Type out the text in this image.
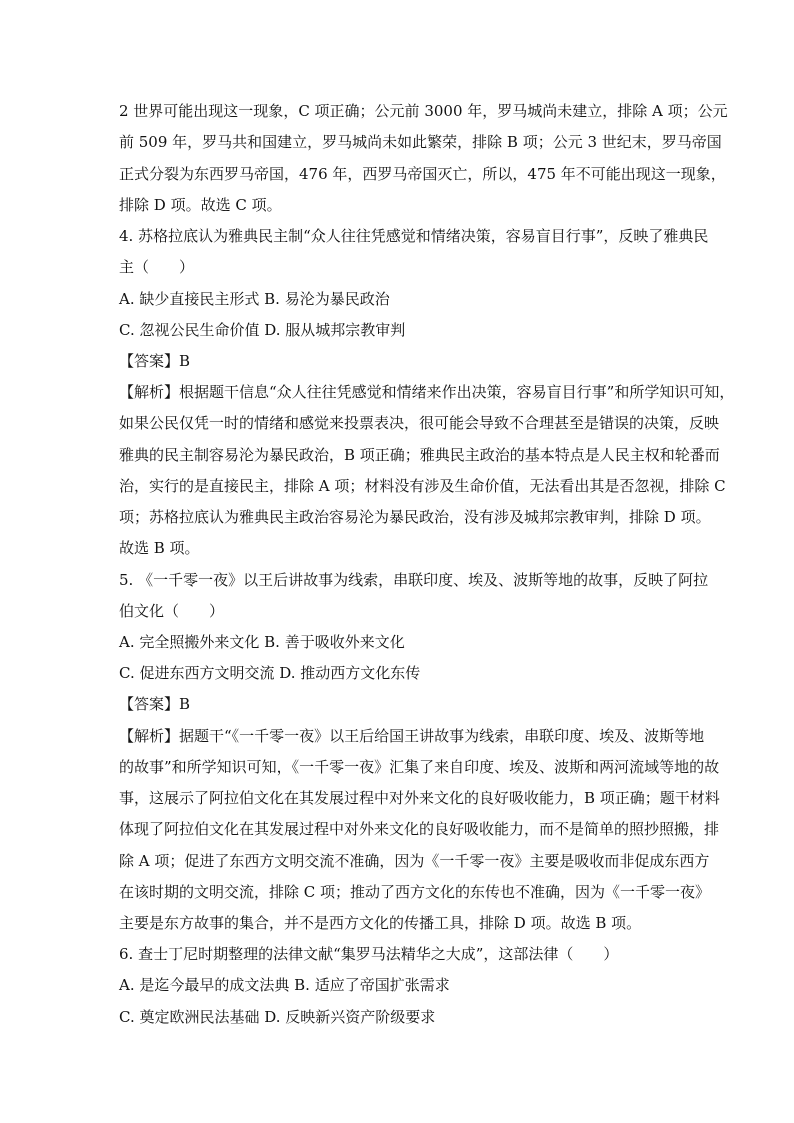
2 世界可能出现这一现象，C 项正确；公元前 3000 年，罗马城尚未建立，排除 A 项；公元
前 509 年，罗马共和国建立，罗马城尚未如此繁荣，排除 B 项；公元 3 世纪末，罗马帝国
正式分裂为东西罗马帝国，476 年，西罗马帝国灭亡，所以，475 年不可能出现这一现象，
排除 D 项。故选 C 项。
4. 苏格拉底认为雅典民主制“众人往往凭感觉和情绪决策，容易盲目行事”，反映了雅典民
主（　　）
A. 缺少直接民主形式 B. 易沦为暴民政治
C. 忽视公民生命价值 D. 服从城邦宗教审判
【答案】B
【解析】根据题干信息“众人往往凭感觉和情绪来作出决策，容易盲目行事”和所学知识可知，
如果公民仅凭一时的情绪和感觉来投票表决，很可能会导致不合理甚至是错误的决策，反映
雅典的民主制容易沦为暴民政治，B 项正确；雅典民主政治的基本特点是人民主权和轮番而
治，实行的是直接民主，排除 A 项；材料没有涉及生命价值，无法看出其是否忽视，排除 C
项；苏格拉底认为雅典民主政治容易沦为暴民政治，没有涉及城邦宗教审判，排除 D 项。
故选 B 项。
5. 《一千零一夜》以王后讲故事为线索，串联印度、埃及、波斯等地的故事，反映了阿拉
伯文化（　　）
A. 完全照搬外来文化 B. 善于吸收外来文化
C. 促进东西方文明交流 D. 推动西方文化东传
【答案】B
【解析】据题干“《一千零一夜》以王后给国王讲故事为线索，串联印度、埃及、波斯等地
的故事”和所学知识可知，《一千零一夜》汇集了来自印度、埃及、波斯和两河流域等地的故
事，这展示了阿拉伯文化在其发展过程中对外来文化的良好吸收能力，B 项正确；题干材料
体现了阿拉伯文化在其发展过程中对外来文化的良好吸收能力，而不是简单的照抄照搬，排
除 A 项；促进了东西方文明交流不准确，因为《一千零一夜》主要是吸收而非促成东西方
在该时期的文明交流，排除 C 项；推动了西方文化的东传也不准确，因为《一千零一夜》
主要是东方故事的集合，并不是西方文化的传播工具，排除 D 项。故选 B 项。
6. 查士丁尼时期整理的法律文献“集罗马法精华之大成”，这部法律（　　）
A. 是迄今最早的成文法典 B. 适应了帝国扩张需求
C. 奠定欧洲民法基础 D. 反映新兴资产阶级要求
